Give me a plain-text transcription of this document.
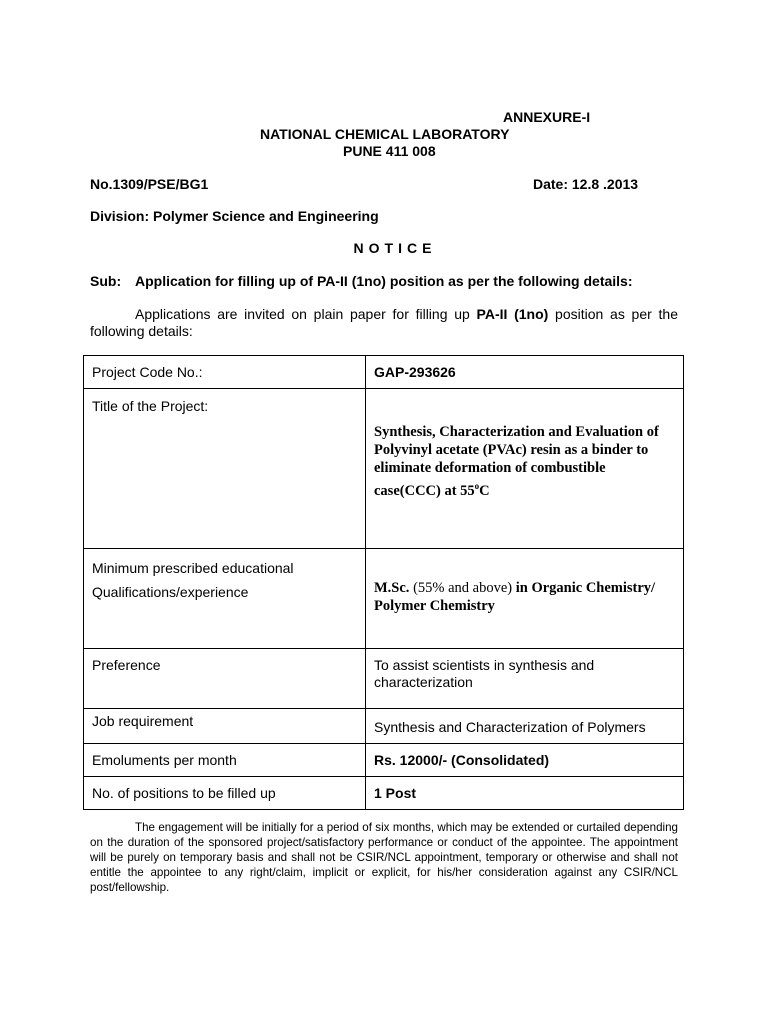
ANNEXURE-I
NATIONAL CHEMICAL LABORATORY
PUNE 411 008
No.1309/PSE/BG1	Date: 12.8 .2013
Division: Polymer Science and Engineering
NOTICE
Sub: Application for filling up of PA-II (1no) position as per the following details:
Applications are invited on plain paper for filling up PA-II (1no) position as per the following details:
Project Code No.:	GAP-293626
Title of the Project:	Synthesis, Characterization and Evaluation of Polyvinyl acetate (PVAc) resin as a binder to eliminate deformation of combustible case(CCC) at 55$^o$C

Minimum prescribed educational
Qualifications/experience	M.Sc. (55% and above) in Organic Chemistry/ Polymer Chemistry

Preference	To assist scientists in synthesis and characterization
Job requirement	Synthesis and Characterization of Polymers
Emoluments per month	Rs. 12000/- (Consolidated)
No. of positions to be filled up	1 Post
The engagement will be initially for a period of six months, which may be extended or curtailed depending on the duration of the sponsored project/satisfactory performance or conduct of the appointee. The appointment will be purely on temporary basis and shall not be CSIR/NCL appointment, temporary or otherwise and shall not entitle the appointee to any right/claim, implicit or explicit, for his/her consideration against any CSIR/NCL post/fellowship.
